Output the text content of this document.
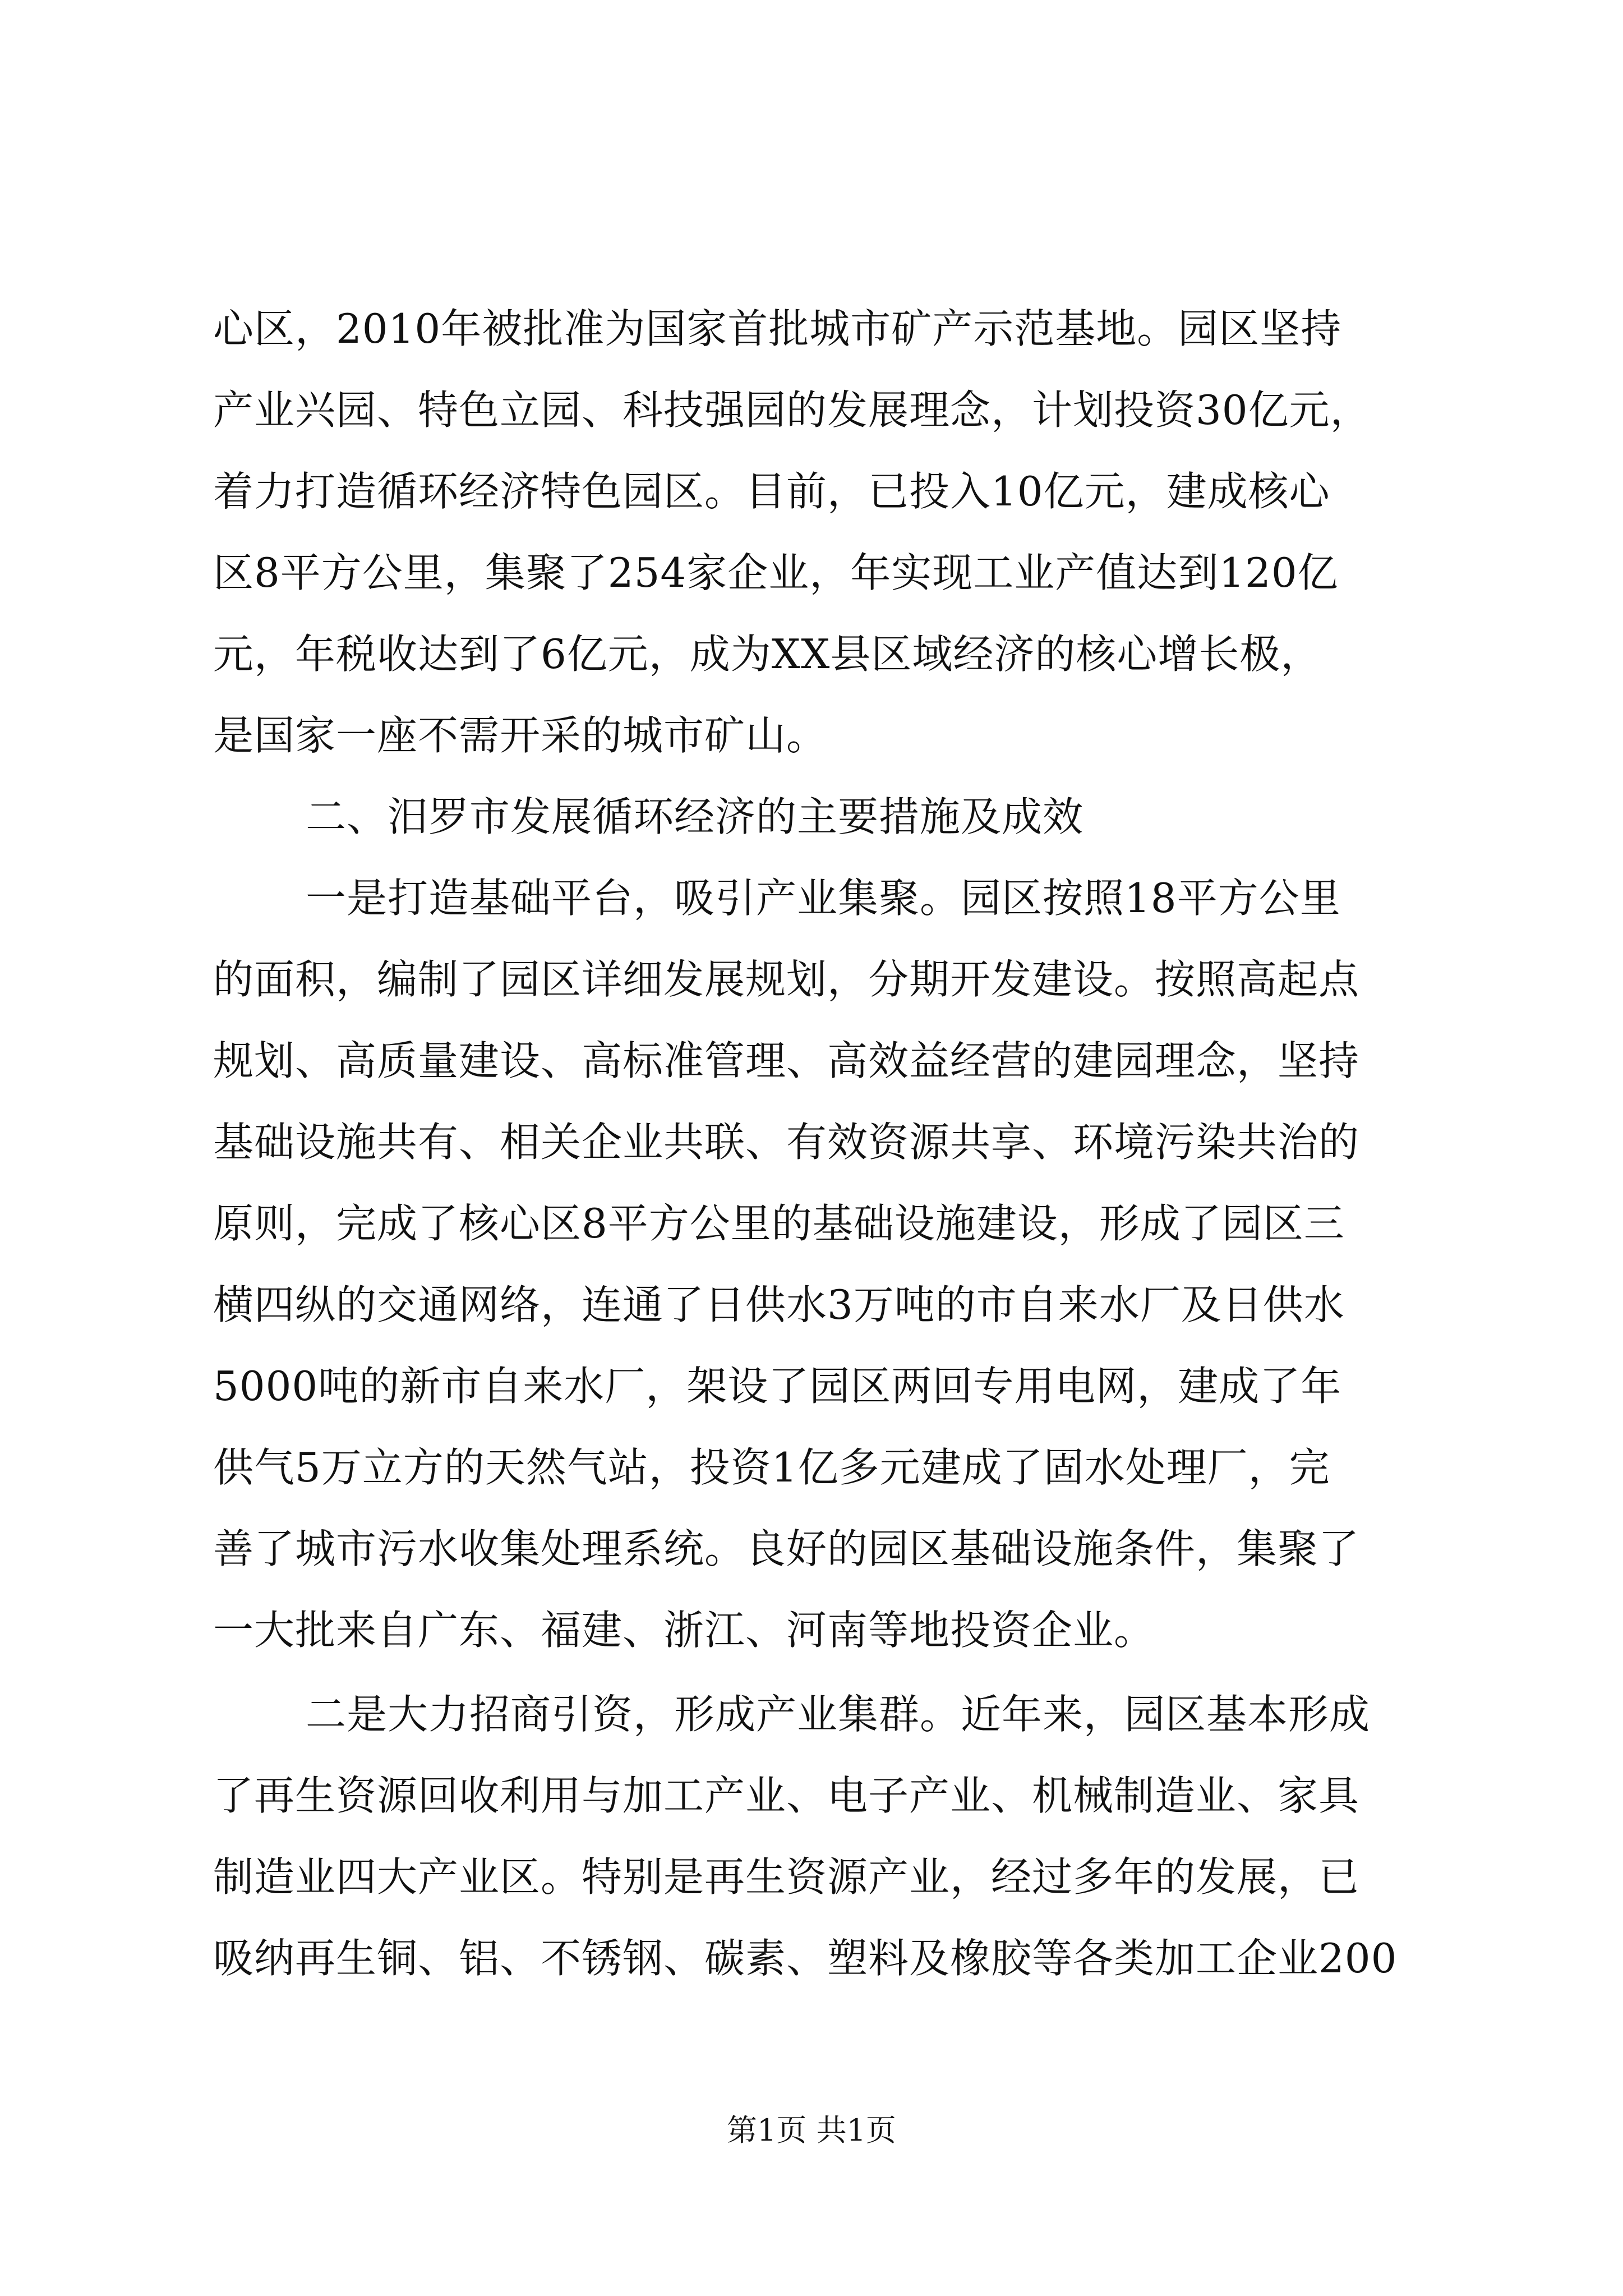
心区，2010年被批准为国家首批城市矿产示范基地。园区坚持
产业兴园、特色立园、科技强园的发展理念，计划投资30亿元，
着力打造循环经济特色园区。目前，已投入10亿元，建成核心
区8平方公里，集聚了254家企业，年实现工业产值达到120亿
元，年税收达到了6亿元，成为XX县区域经济的核心增长极，
是国家一座不需开采的城市矿山。
二、汨罗市发展循环经济的主要措施及成效
一是打造基础平台，吸引产业集聚。园区按照18平方公里
的面积，编制了园区详细发展规划，分期开发建设。按照高起点
规划、高质量建设、高标准管理、高效益经营的建园理念，坚持
基础设施共有、相关企业共联、有效资源共享、环境污染共治的
原则，完成了核心区8平方公里的基础设施建设，形成了园区三
横四纵的交通网络，连通了日供水3万吨的市自来水厂及日供水
5000吨的新市自来水厂，架设了园区两回专用电网，建成了年
供气5万立方的天然气站，投资1亿多元建成了固水处理厂，完
善了城市污水收集处理系统。良好的园区基础设施条件，集聚了
一大批来自广东、福建、浙江、河南等地投资企业。
二是大力招商引资，形成产业集群。近年来，园区基本形成
了再生资源回收利用与加工产业、电子产业、机械制造业、家具
制造业四大产业区。特别是再生资源产业，经过多年的发展，已
吸纳再生铜、铝、不锈钢、碳素、塑料及橡胶等各类加工企业200
第1页 共1页
